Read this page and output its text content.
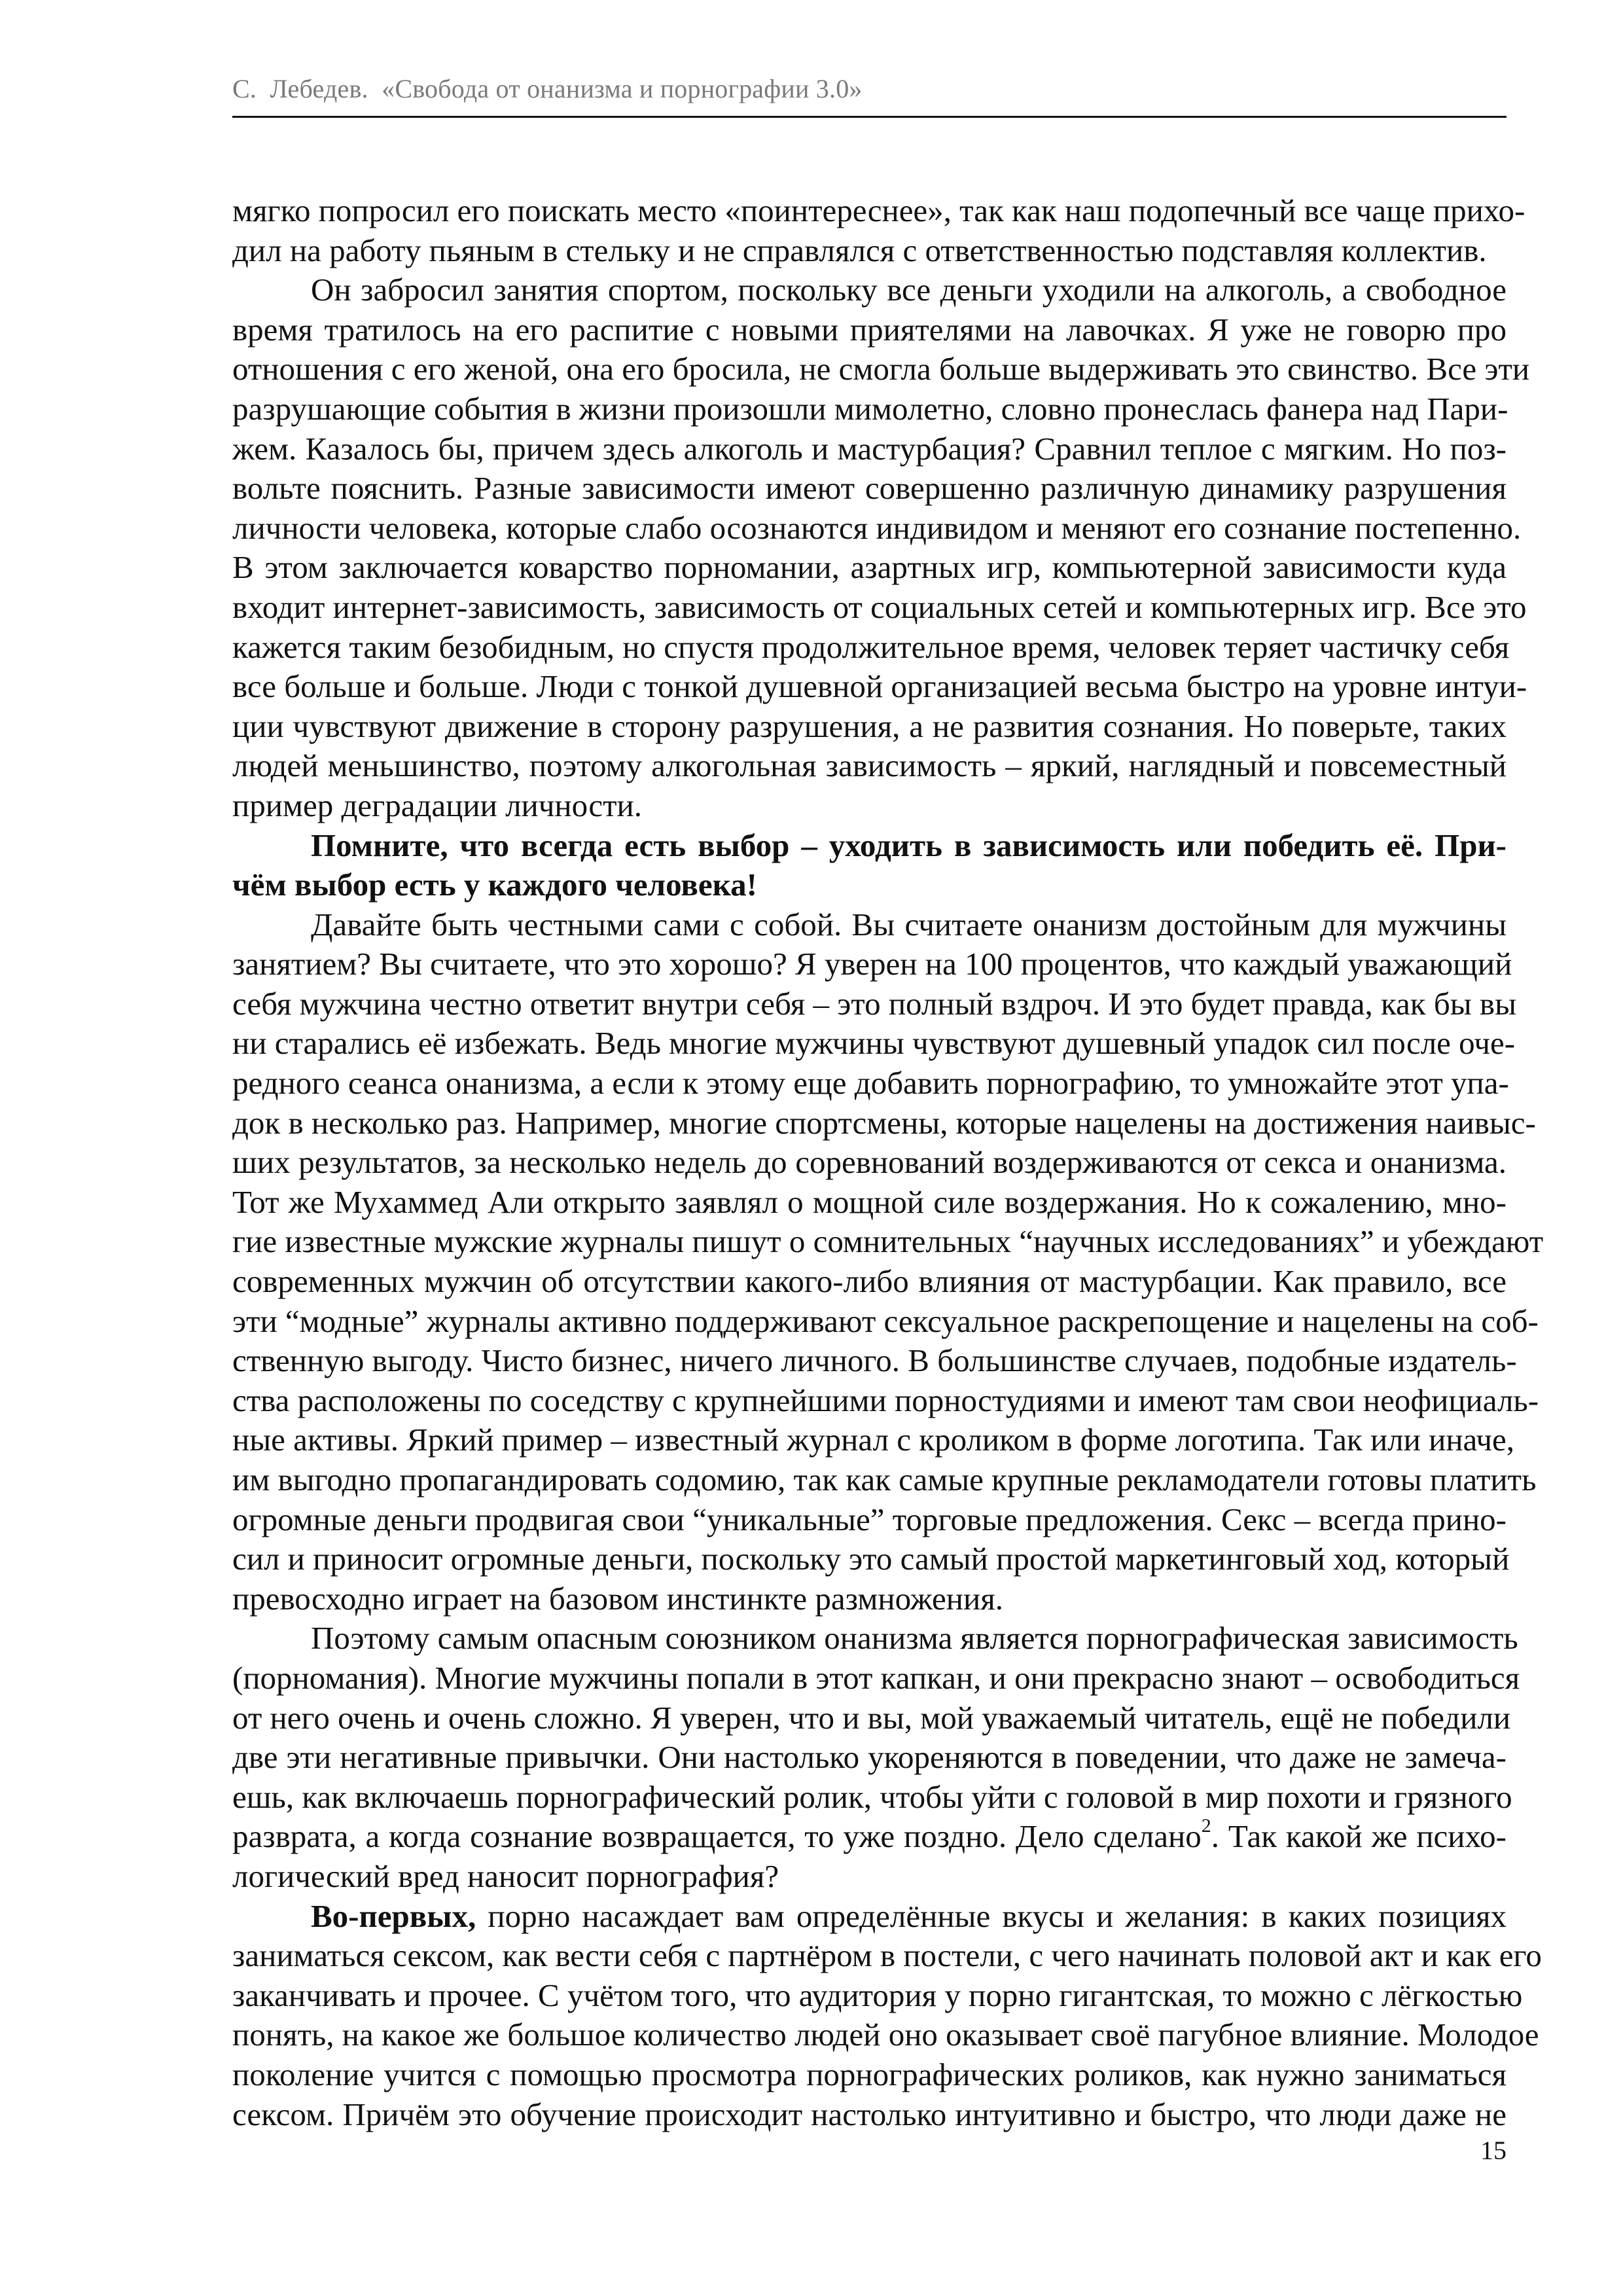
С.  Лебедев.  «Свобода от онанизма и порнографии 3.0»
мягко попросил его поискать место «поинтереснее», так как наш подопечный все чаще прихо-
дил на работу пьяным в стельку и не справлялся с ответственностью подставляя коллектив.
Он забросил занятия спортом, поскольку все деньги уходили на алкоголь, а свободное
время тратилось на его распитие с новыми приятелями на лавочках. Я уже не говорю про
отношения с его женой, она его бросила, не смогла больше выдерживать это свинство. Все эти
разрушающие события в жизни произошли мимолетно, словно пронеслась фанера над Пари-
жем. Казалось бы, причем здесь алкоголь и мастурбация? Сравнил теплое с мягким. Но поз-
вольте пояснить. Разные зависимости имеют совершенно различную динамику разрушения
личности человека, которые слабо осознаются индивидом и меняют его сознание постепенно.
В этом заключается коварство порномании, азартных игр, компьютерной зависимости куда
входит интернет-зависимость, зависимость от социальных сетей и компьютерных игр. Все это
кажется таким безобидным, но спустя продолжительное время, человек теряет частичку себя
все больше и больше. Люди с тонкой душевной организацией весьма быстро на уровне интуи-
ции чувствуют движение в сторону разрушения, а не развития сознания. Но поверьте, таких
людей меньшинство, поэтому алкогольная зависимость – яркий, наглядный и повсеместный
пример деградации личности.
Помните, что всегда есть выбор – уходить в зависимость или победить её. При-
чём выбор есть у каждого человека!
Давайте быть честными сами с собой. Вы считаете онанизм достойным для мужчины
занятием? Вы считаете, что это хорошо? Я уверен на 100 процентов, что каждый уважающий
себя мужчина честно ответит внутри себя – это полный вздроч. И это будет правда, как бы вы
ни старались её избежать. Ведь многие мужчины чувствуют душевный упадок сил после оче-
редного сеанса онанизма, а если к этому еще добавить порнографию, то умножайте этот упа-
док в несколько раз. Например, многие спортсмены, которые нацелены на достижения наивыс-
ших результатов, за несколько недель до соревнований воздерживаются от секса и онанизма.
Тот же Мухаммед Али открыто заявлял о мощной силе воздержания. Но к сожалению, мно-
гие известные мужские журналы пишут о сомнительных “научных исследованиях” и убеждают
современных мужчин об отсутствии какого-либо влияния от мастурбации. Как правило, все
эти “модные” журналы активно поддерживают сексуальное раскрепощение и нацелены на соб-
ственную выгоду. Чисто бизнес, ничего личного. В большинстве случаев, подобные издатель-
ства расположены по соседству с крупнейшими порностудиями и имеют там свои неофициаль-
ные активы. Яркий пример – известный журнал с кроликом в форме логотипа. Так или иначе,
им выгодно пропагандировать содомию, так как самые крупные рекламодатели готовы платить
огромные деньги продвигая свои “уникальные” торговые предложения. Секс – всегда прино-
сил и приносит огромные деньги, поскольку это самый простой маркетинговый ход, который
превосходно играет на базовом инстинкте размножения.
Поэтому самым опасным союзником онанизма является порнографическая зависимость
(порномания). Многие мужчины попали в этот капкан, и они прекрасно знают – освободиться
от него очень и очень сложно. Я уверен, что и вы, мой уважаемый читатель, ещё не победили
две эти негативные привычки. Они настолько укореняются в поведении, что даже не замеча-
ешь, как включаешь порнографический ролик, чтобы уйти с головой в мир похоти и грязного
разврата, а когда сознание возвращается, то уже поздно. Дело сделано$^2$. Так какой же психо-
логический вред наносит порнография?
Во-первых, порно насаждает вам определённые вкусы и желания: в каких позициях
заниматься сексом, как вести себя с партнёром в постели, с чего начинать половой акт и как его
заканчивать и прочее. С учётом того, что аудитория у порно гигантская, то можно с лёгкостью
понять, на какое же большое количество людей оно оказывает своё пагубное влияние. Молодое
поколение учится с помощью просмотра порнографических роликов, как нужно заниматься
сексом. Причём это обучение происходит настолько интуитивно и быстро, что люди даже не
15
